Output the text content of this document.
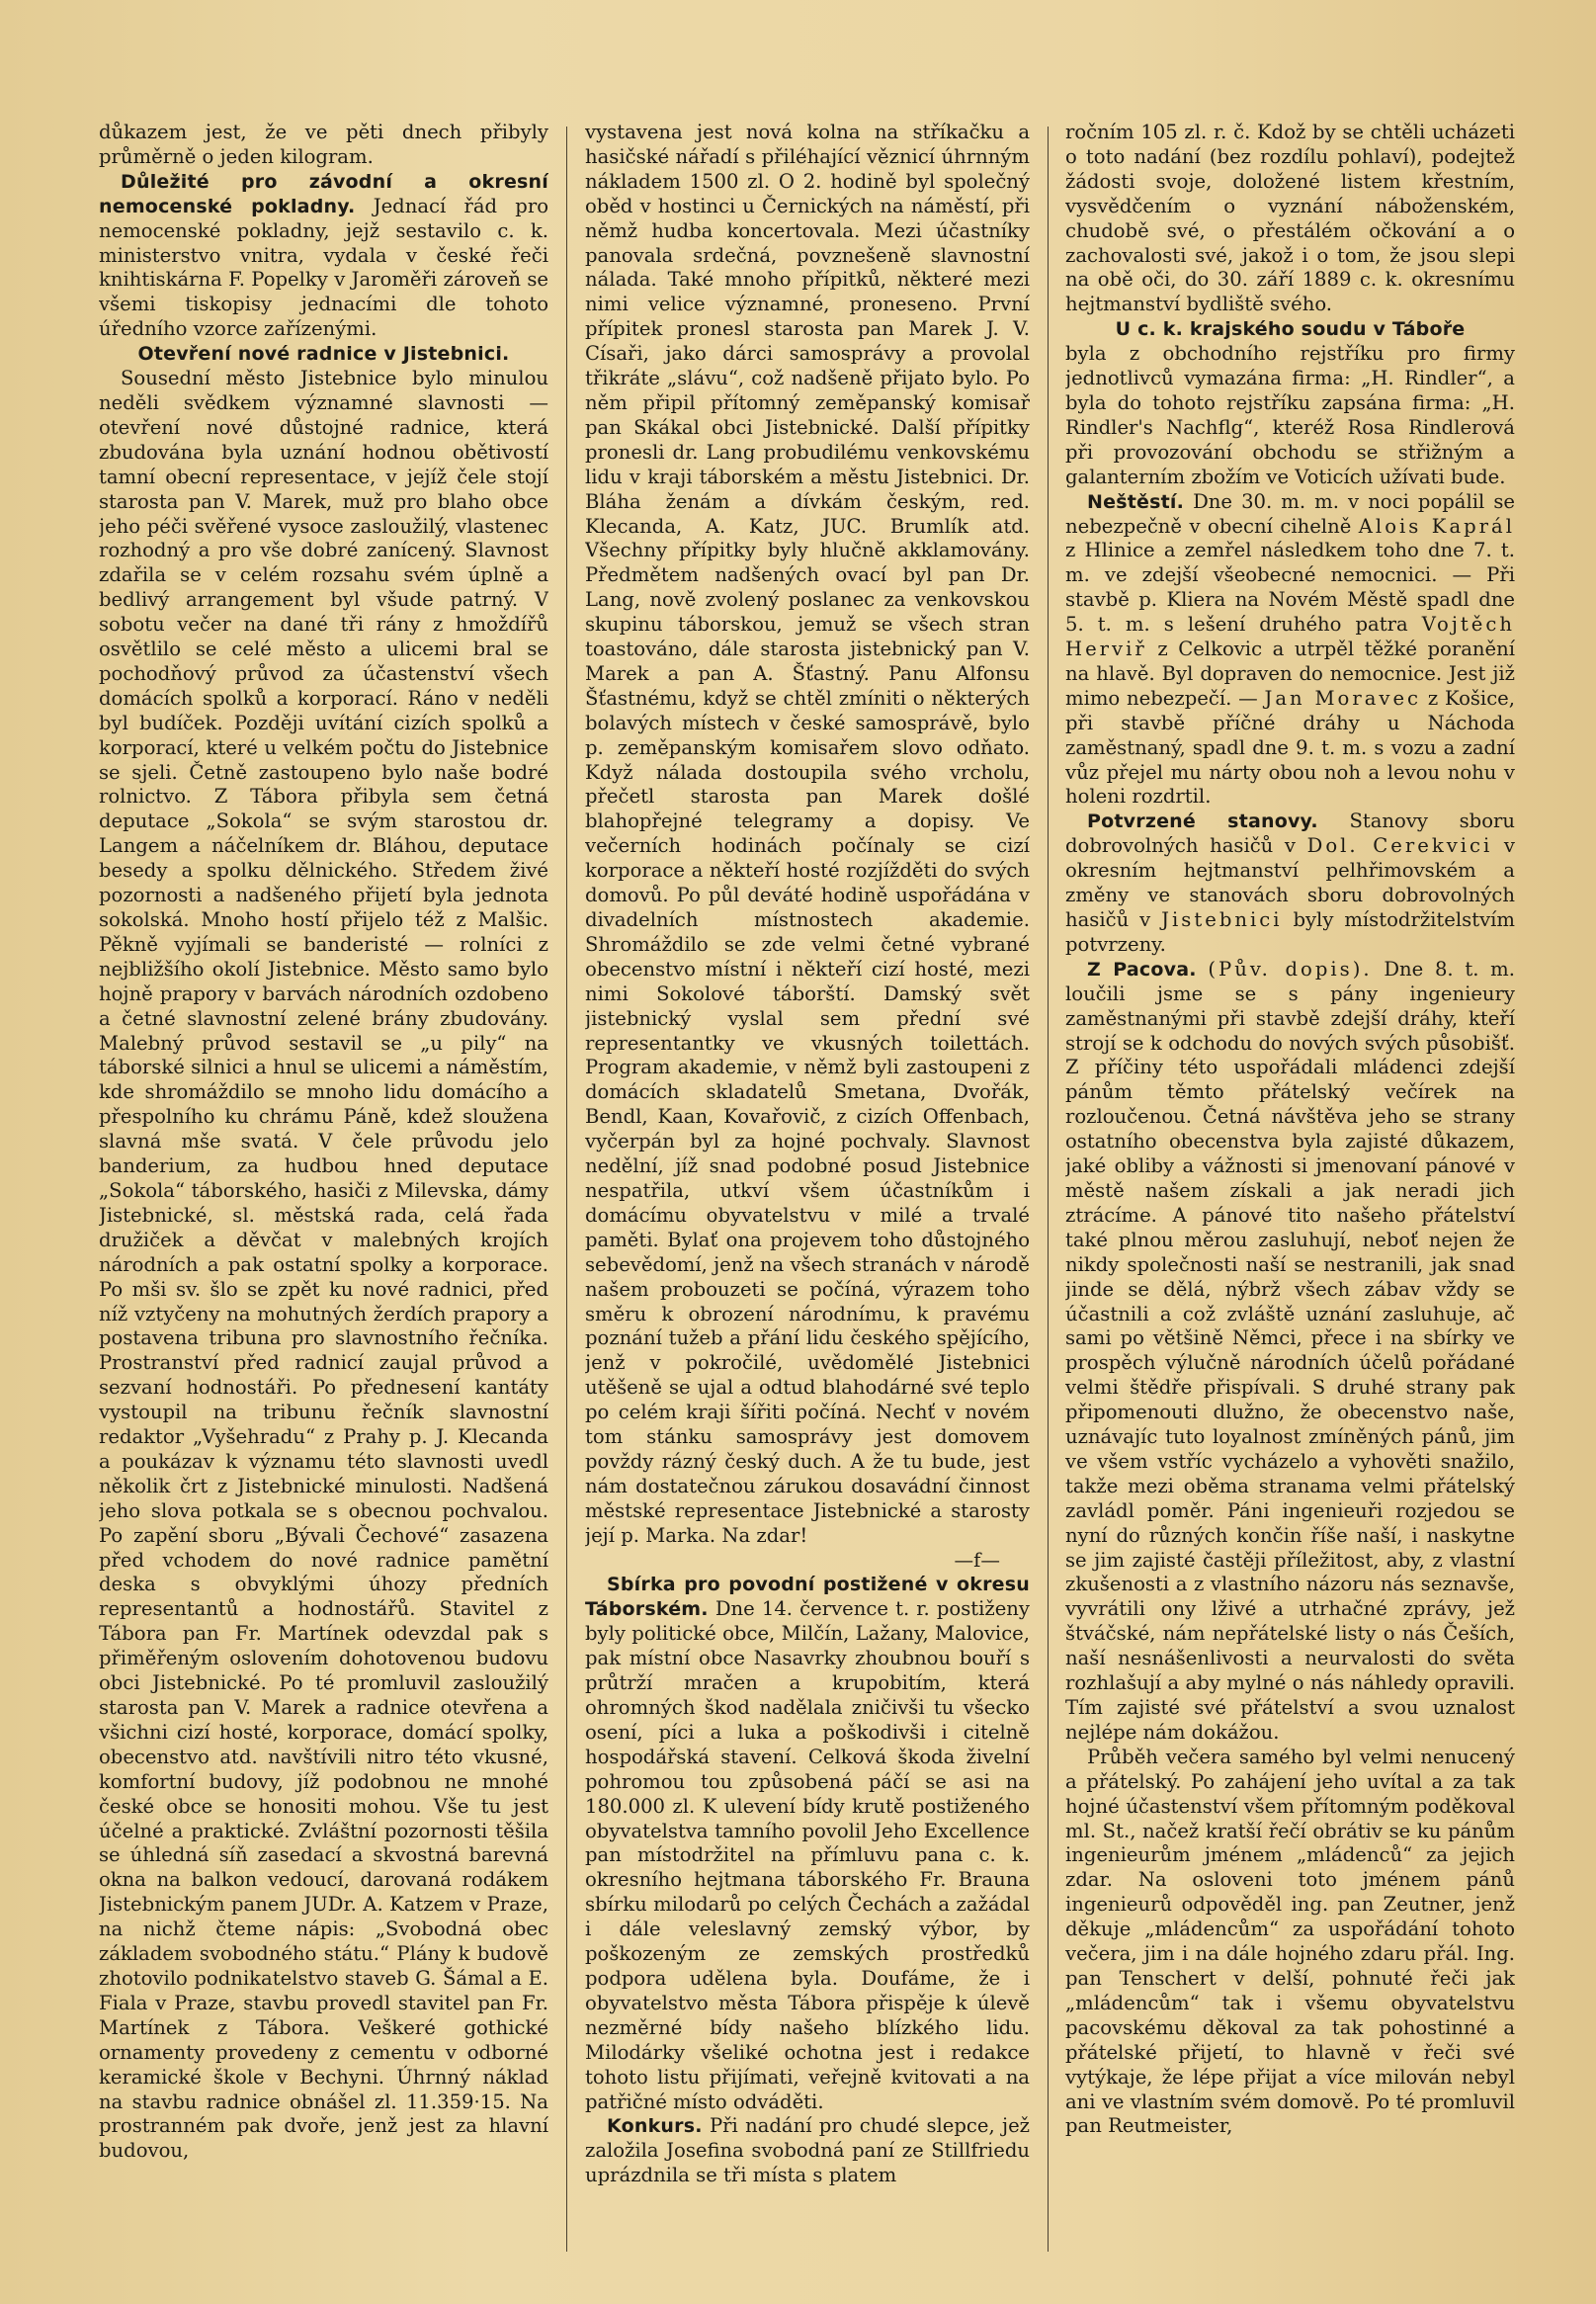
důkazem jest, že ve pěti dnech přibyly průměrně o jeden kilogram.

Důležité pro závodní a okresní nemocenské pokladny. Jednací řád pro nemocenské pokladny, jejž sestavilo c. k. ministerstvo vnitra, vydala v české řeči knihtiskárna F. Popelky v Jaroměři zároveň se všemi tiskopisy jednacími dle tohoto úředního vzorce zařízenými.

Otevření nové radnice v Jistebnici.

Sousední město Jistebnice bylo minulou neděli svědkem významné slavnosti — otevření nové důstojné radnice, která zbudována byla uznání hodnou obětivostí tamní obecní representace, v jejíž čele stojí starosta pan V. Marek, muž pro blaho obce jeho péči svěřené vysoce zasloužilý, vlastenec rozhodný a pro vše dobré zanícený. Slavnost zdařila se v celém rozsahu svém úplně a bedlivý arrangement byl všude patrný. V sobotu večer na dané tři rány z hmoždířů osvětlilo se celé město a ulicemi bral se pochodňový průvod za účastenství všech domácích spolků a korporací. Ráno v neděli byl budíček. Později uvítání cizích spolků a korporací, které u velkém počtu do Jistebnice se sjeli. Četně zastoupeno bylo naše bodré rolnictvo. Z Tábora přibyla sem četná deputace „Sokola“ se svým starostou dr. Langem a náčelníkem dr. Bláhou, deputace besedy a spolku dělnického. Středem živé pozornosti a nadšeného přijetí byla jednota sokolská. Mnoho hostí přijelo též z Malšic. Pěkně vyjímali se banderisté — rolníci z nejbližšího okolí Jistebnice. Město samo bylo hojně prapory v barvách národních ozdobeno a četné slavnostní zelené brány zbudovány. Malebný průvod sestavil se „u pily“ na táborské silnici a hnul se ulicemi a náměstím, kde shromáždilo se mnoho lidu domácího a přespolního ku chrámu Páně, kdež sloužena slavná mše svatá. V čele průvodu jelo banderium, za hudbou hned deputace „Sokola“ táborského, hasiči z Milevska, dámy Jistebnické, sl. městská rada, celá řada družiček a děvčat v malebných krojích národních a pak ostatní spolky a korporace. Po mši sv. šlo se zpět ku nové radnici, před níž vztyčeny na mohutných žerdích prapory a postavena tribuna pro slavnostního řečníka. Prostranství před radnicí zaujal průvod a sezvaní hodnostáři. Po přednesení kantáty vystoupil na tribunu řečník slavnostní redaktor „Vyšehradu“ z Prahy p. J. Klecanda a poukázav k významu této slavnosti uvedl několik črt z Jistebnické minulosti. Nadšená jeho slova potkala se s obecnou pochvalou. Po zapění sboru „Bývali Čechové“ zasazena před vchodem do nové radnice pamětní deska s obvyklými úhozy předních representantů a hodnostářů. Stavitel z Tábora pan Fr. Martínek odevzdal pak s přiměřeným oslovením dohotovenou budovu obci Jistebnické. Po té promluvil zasloužilý starosta pan V. Marek a radnice otevřena a všichni cizí hosté, korporace, domácí spolky, obecenstvo atd. navštívili nitro této vkusné, komfortní budovy, jíž podobnou ne mnohé české obce se honositi mohou. Vše tu jest účelné a praktické. Zvláštní pozornosti těšila se úhledná síň zasedací a skvostná barevná okna na balkon vedoucí, darovaná rodákem Jistebnickým panem JUDr. A. Katzem v Praze, na nichž čteme nápis: „Svobodná obec základem svobodného státu.“ Plány k budově zhotovilo podnikatelstvo staveb G. Šámal a E. Fiala v Praze, stavbu provedl stavitel pan Fr. Martínek z Tábora. Veškeré gothické ornamenty provedeny z cementu v odborné keramické škole v Bechyni. Úhrnný náklad na stavbu radnice obnášel zl. 11.359·15. Na prostranném pak dvoře, jenž jest za hlavní budovou,

vystavena jest nová kolna na stříkačku a hasičské nářadí s přiléhající věznicí úhrnným nákladem 1500 zl. O 2. hodině byl společný oběd v hostinci u Černických na náměstí, při němž hudba koncertovala. Mezi účastníky panovala srdečná, povznešeně slavnostní nálada. Také mnoho přípitků, některé mezi nimi velice významné, proneseno. První přípitek pronesl starosta pan Marek J. V. Císaři, jako dárci samosprávy a provolal třikráte „slávu“, což nadšeně přijato bylo. Po něm připil přítomný zeměpanský komisař pan Skákal obci Jistebnické. Další přípitky pronesli dr. Lang probudilému venkovskému lidu v kraji táborském a městu Jistebnici. Dr. Bláha ženám a dívkám českým, red. Klecanda, A. Katz, JUC. Brumlík atd. Všechny přípitky byly hlučně akklamovány. Předmětem nadšených ovací byl pan Dr. Lang, nově zvolený poslanec za venkovskou skupinu táborskou, jemuž se všech stran toastováno, dále starosta jistebnický pan V. Marek a pan A. Šťastný. Panu Alfonsu Šťastnému, když se chtěl zmíniti o některých bolavých místech v české samosprávě, bylo p. zeměpanským komisařem slovo odňato. Když nálada dostoupila svého vrcholu, přečetl starosta pan Marek došlé blahopřejné telegramy a dopisy. Ve večerních hodinách počínaly se cizí korporace a někteří hosté rozjížděti do svých domovů. Po půl deváté hodině uspořádána v divadelních místnostech akademie. Shromáždilo se zde velmi četné vybrané obecenstvo místní i někteří cizí hosté, mezi nimi Sokolové táborští. Damský svět jistebnický vyslal sem přední své representantky ve vkusných toilettách. Program akademie, v němž byli zastoupeni z domácích skladatelů Smetana, Dvořák, Bendl, Kaan, Kovařovič, z cizích Offenbach, vyčerpán byl za hojné pochvaly. Slavnost nedělní, jíž snad podobné posud Jistebnice nespatřila, utkví všem účastníkům i domácímu obyvatelstvu v milé a trvalé paměti. Bylať ona projevem toho důstojného sebevědomí, jenž na všech stranách v národě našem probouzeti se počíná, výrazem toho směru k obrození národnímu, k pravému poznání tužeb a přání lidu českého spějícího, jenž v pokročilé, uvědomělé Jistebnici utěšeně se ujal a odtud blahodárné své teplo po celém kraji šířiti počíná. Nechť v novém tom stánku samosprávy jest domovem povždy rázný český duch. A že tu bude, jest nám dostatečnou zárukou dosavádní činnost městské representace Jistebnické a starosty její p. Marka. Na zdar!

—f—

Sbírka pro povodní postižené v okresu Táborském. Dne 14. července t. r. postiženy byly politické obce, Milčín, Lažany, Malovice, pak místní obce Nasavrky zhoubnou bouří s průtrží mračen a krupobitím, která ohromných škod nadělala zničivši tu všecko osení, píci a luka a poškodivši i citelně hospodářská stavení. Celková škoda živelní pohromou tou způsobená páčí se asi na 180.000 zl. K ulevení bídy krutě postiženého obyvatelstva tamního povolil Jeho Excellence pan místodržitel na přímluvu pana c. k. okresního hejtmana táborského Fr. Brauna sbírku milodarů po celých Čechách a zažádal i dále veleslavný zemský výbor, by poškozeným ze zemských prostředků podpora udělena byla. Doufáme, že i obyvatelstvo města Tábora přispěje k úlevě nezměrné bídy našeho blízkého lidu. Milodárky všeliké ochotna jest i redakce tohoto listu přijímati, veřejně kvitovati a na patřičné místo odváděti.

Konkurs. Při nadání pro chudé slepce, jež založila Josefina svobodná paní ze Stillfriedu uprázdnila se tři místa s platem

ročním 105 zl. r. č. Kdož by se chtěli ucházeti o toto nadání (bez rozdílu pohlaví), podejtež žádosti svoje, doložené listem křestním, vysvědčením o vyznání náboženském, chudobě své, o přestálém očkování a o zachovalosti své, jakož i o tom, že jsou slepi na obě oči, do 30. září 1889 c. k. okresnímu hejtmanství bydliště svého.

U c. k. krajského soudu v Táboře

byla z obchodního rejstříku pro firmy jednotlivců vymazána firma: „H. Rindler“, a byla do tohoto rejstříku zapsána firma: „H. Rindler's Nachflg“, kteréž Rosa Rindlerová při provozování obchodu se střižným a galanterním zbožím ve Voticích užívati bude.

Neštěstí. Dne 30. m. m. v noci popálil se nebezpečně v obecní cihelně Alois Kaprál z Hlinice a zemřel následkem toho dne 7. t. m. ve zdejší všeobecné nemocnici. — Při stavbě p. Kliera na Novém Městě spadl dne 5. t. m. s lešení druhého patra Vojtěch Herviř z Celkovic a utrpěl těžké poranění na hlavě. Byl dopraven do nemocnice. Jest již mimo nebezpečí. — Jan Moravec z Košice, při stavbě příčné dráhy u Náchoda zaměstnaný, spadl dne 9. t. m. s vozu a zadní vůz přejel mu nárty obou noh a levou nohu v holeni rozdrtil.

Potvrzené stanovy. Stanovy sboru dobrovolných hasičů v Dol. Cerekvici v okresním hejtmanství pelhřimovském a změny ve stanovách sboru dobrovolných hasičů v Jistebnici byly místodržitelstvím potvrzeny.

Z Pacova. (Pův. dopis). Dne 8. t. m. loučili jsme se s pány ingenieury zaměstnanými při stavbě zdejší dráhy, kteří strojí se k odchodu do nových svých působišť. Z příčiny této uspořádali mládenci zdejší pánům těmto přátelský večírek na rozloučenou. Četná návštěva jeho se strany ostatního obecenstva byla zajisté důkazem, jaké obliby a vážnosti si jmenovaní pánové v městě našem získali a jak neradi jich ztrácíme. A pánové tito našeho přátelství také plnou měrou zasluhují, neboť nejen že nikdy společnosti naší se nestranili, jak snad jinde se dělá, nýbrž všech zábav vždy se účastnili a což zvláště uznání zasluhuje, ač sami po většině Němci, přece i na sbírky ve prospěch výlučně národních účelů pořádané velmi štědře přispívali. S druhé strany pak připomenouti dlužno, že obecenstvo naše, uznávajíc tuto loyalnost zmíněných pánů, jim ve všem vstříc vycházelo a vyhověti snažilo, takže mezi oběma stranama velmi přátelský zavládl poměr. Páni ingenieuři rozjedou se nyní do různých končin říše naší, i naskytne se jim zajisté častěji příležitost, aby, z vlastní zkušenosti a z vlastního názoru nás seznavše, vyvrátili ony lživé a utrhačné zprávy, jež štváčské, nám nepřátelské listy o nás Češích, naší nesnášenlivosti a neurvalosti do světa rozhlašují a aby mylné o nás náhledy opravili. Tím zajisté své přátelství a svou uznalost nejlépe nám dokážou.

Průběh večera samého byl velmi nenucený a přátelský. Po zahájení jeho uvítal a za tak hojné účastenství všem přítomným poděkoval ml. St., načež kratší řečí obrátiv se ku pánům ingenieurům jménem „mládenců“ za jejich zdar. Na osloveni toto jménem pánů ingenieurů odpověděl ing. pan Zeutner, jenž děkuje „mládencům“ za uspořádání tohoto večera, jim i na dále hojného zdaru přál. Ing. pan Tenschert v delší, pohnuté řeči jak „mládencům“ tak i všemu obyvatelstvu pacovskému děkoval za tak pohostinné a přátelské přijetí, to hlavně v řeči své vytýkaje, že lépe přijat a více milován nebyl ani ve vlastním svém domově. Po té promluvil pan Reutmeister,
